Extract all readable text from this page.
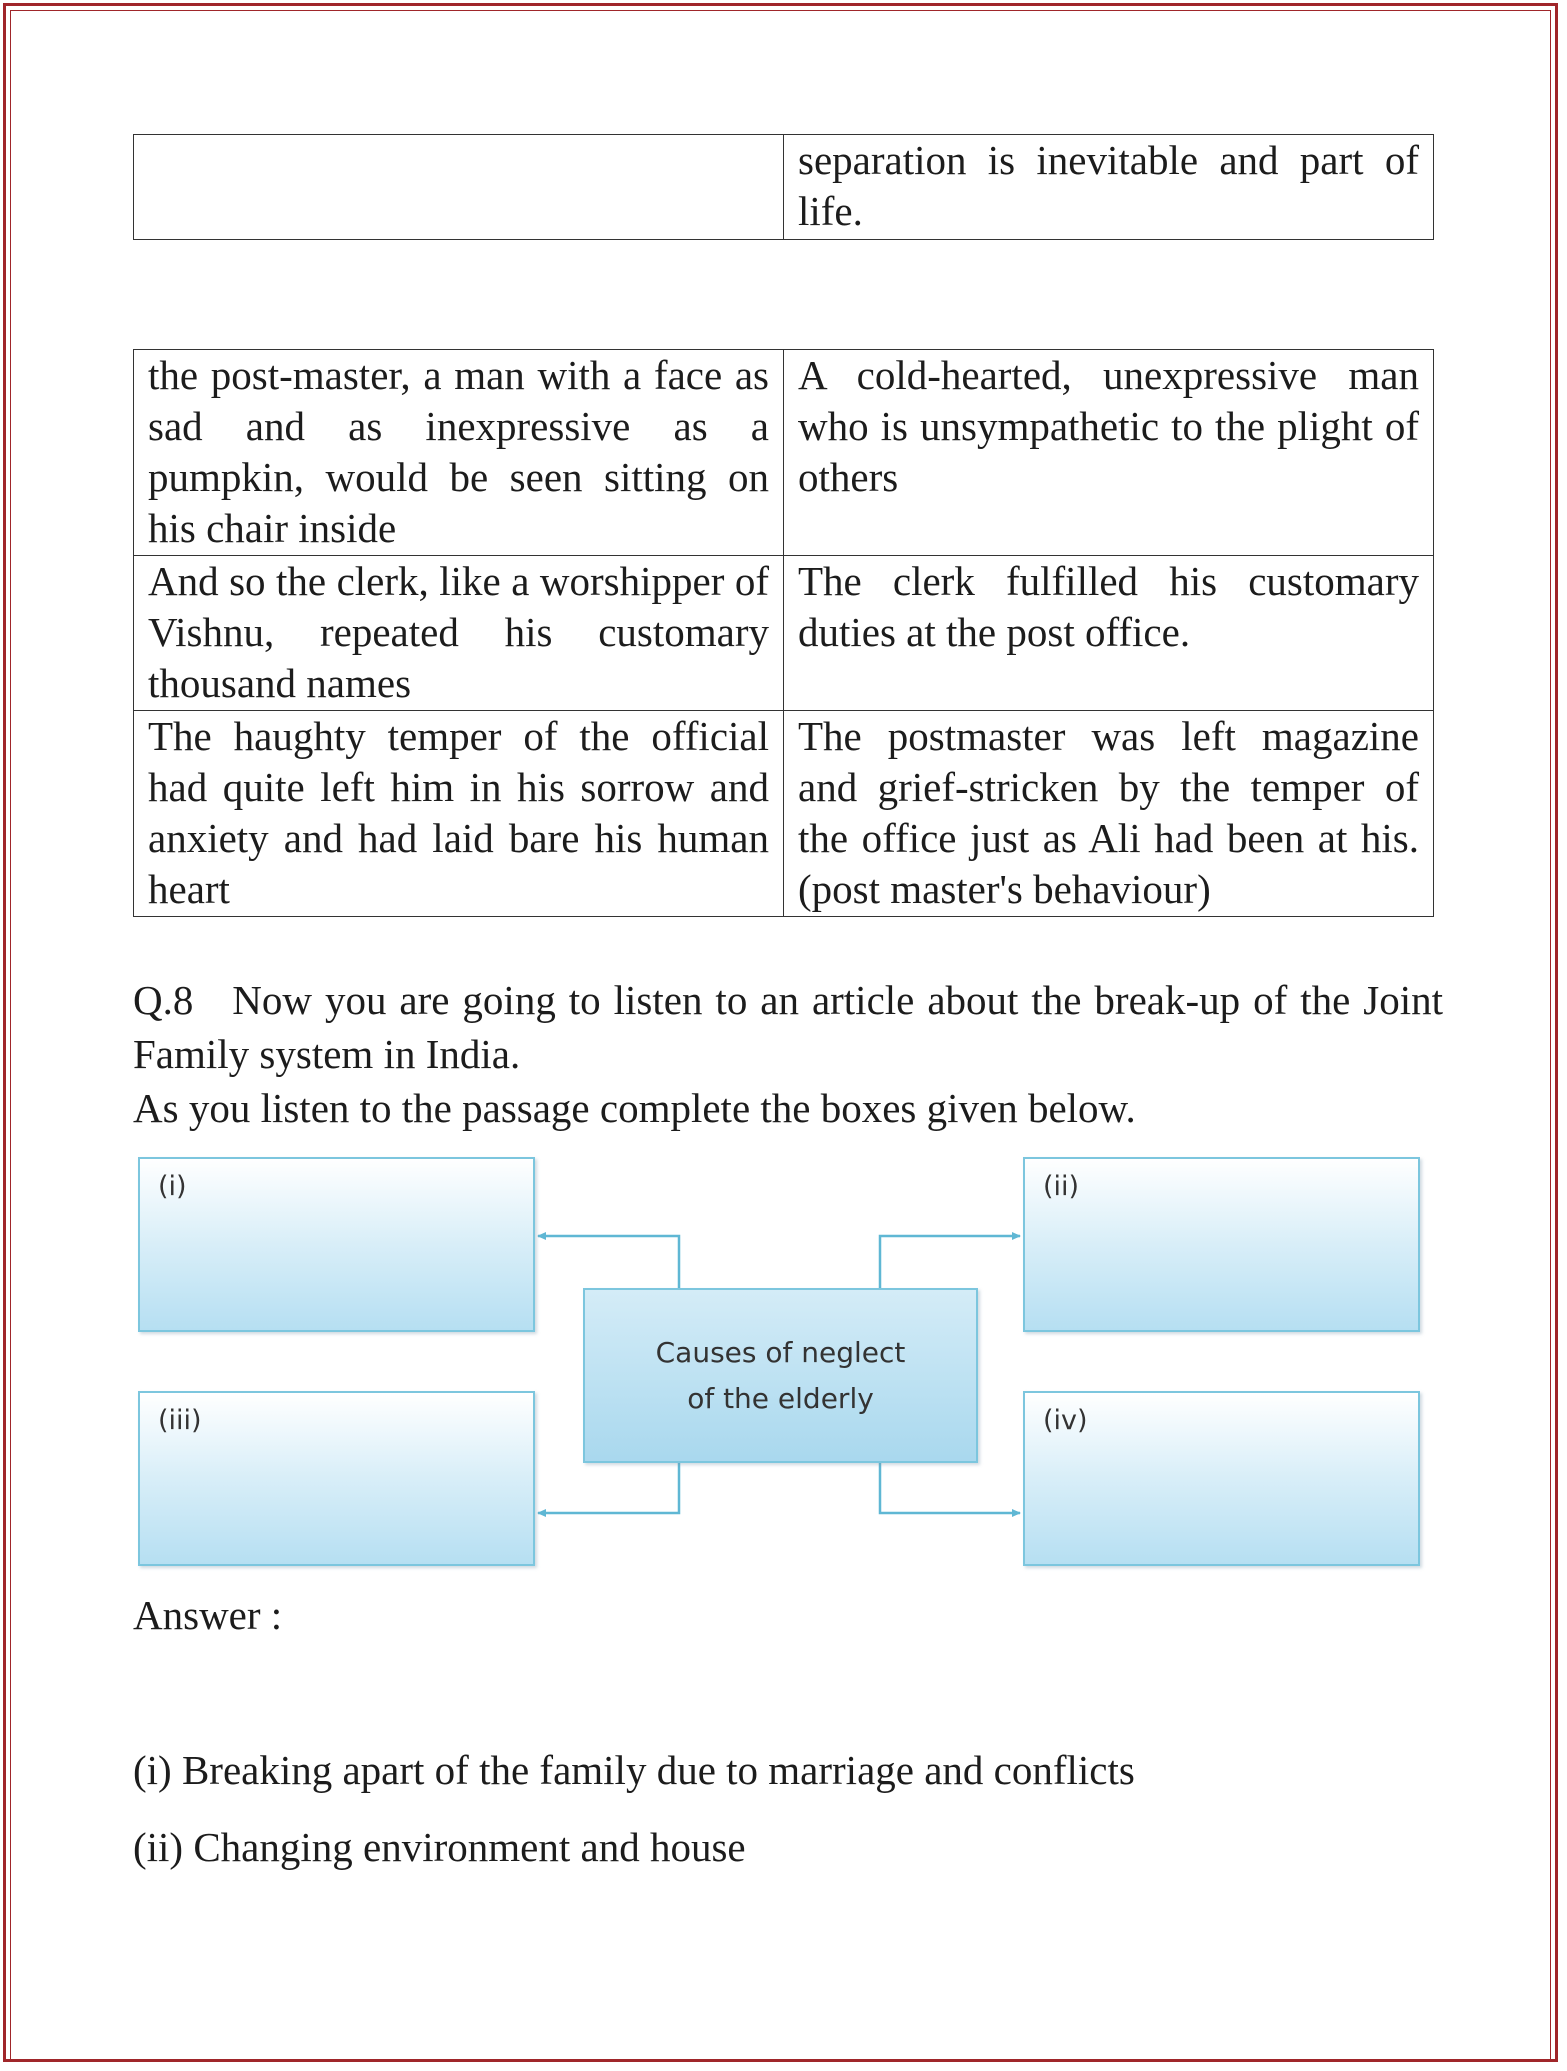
	separation is inevitable and part of life.
the post-master, a man with a face as sad and as inexpressive as a pumpkin, would be seen sitting on his chair inside	A cold-hearted, unexpressive man who is unsympathetic to the plight of others
And so the clerk, like a worshipper of Vishnu, repeated his customary thousand names	The clerk fulfilled his customary duties at the post office.
The haughty temper of the official had quite left him in his sorrow and anxiety and had laid bare his human heart	The postmaster was left magazine and grief-stricken by the temper of the office just as Ali had been at his. (post master's behaviour)

Q.8 Now you are going to listen to an article about the break-up of the Joint Family system in India.

As you listen to the passage complete the boxes given below.

(i)	(ii)
(iii)	(iv)
Causes of neglect
of the elderly
Answer :
(i) Breaking apart of the family due to marriage and conflicts
(ii) Changing environment and house
